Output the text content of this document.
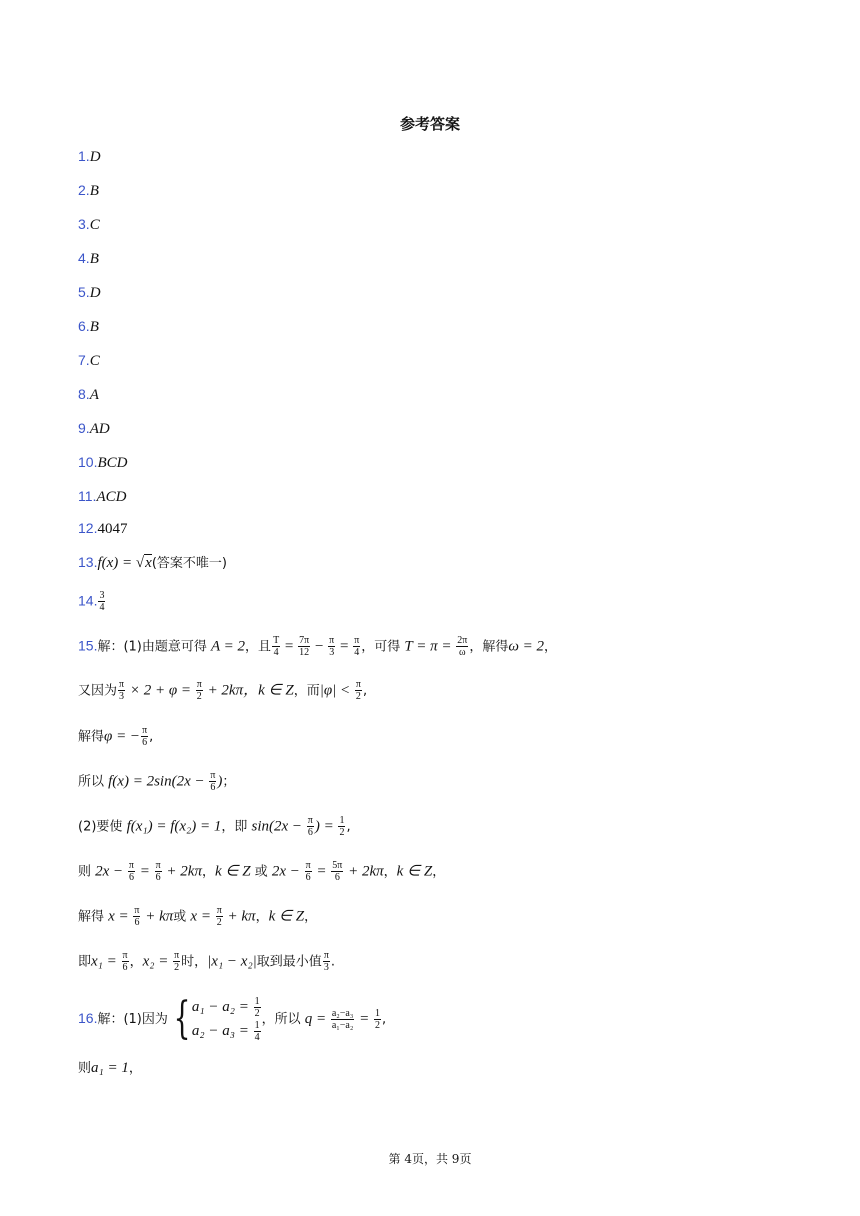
参考答案
1.D
2.B
3.C
4.B
5.D
6.B
7.C
8.A
9.AD
10.BCD
11.ACD
12.4047
13.f(x) = √x(答案不唯一)
14. $\frac{3}{4}$
15.解：(1)由题意可得 A = 2，且 $\frac{T}{4} = \frac{7\pi}{12} - \frac{\pi}{3} = \frac{\pi}{4}$ ，可得 $T = \pi = \frac{2\pi}{\omega}$ ，解得ω = 2，
又因为 $\frac{\pi}{3} \times 2 + \varphi = \frac{\pi}{2} + 2k\pi$，k ∈ Z，而$|\varphi| < \frac{\pi}{2}$ ,
解得φ = − $\frac{\pi}{6}$ ,
所以 $f(x) = 2\sin(2x - \frac{\pi}{6}$ )；
(2)要使 f(x₁) = f(x₂) = 1，即 $\sin(2x - \frac{\pi}{6}$ ) = $\frac{1}{2}$ ,
则 $2x - \frac{\pi}{6} = \frac{\pi}{6} + 2k\pi$，k ∈ Z 或 $2x - \frac{\pi}{6} = \frac{5\pi}{6} + 2k\pi$，k ∈ Z，
解得 $x = \frac{\pi}{6} + k\pi$或 $x = \frac{\pi}{2} + k\pi$，k ∈ Z，
即$x_1 = \frac{\pi}{6}$ ，$x_2 = \frac{\pi}{2}$ 时，|x₁ − x₂|取到最小值 $\frac{\pi}{3}$ .
16.解：(1)因为 { $a_1 - a_2 = \frac{1}{2}$
$a_2 - a_3 = \frac{1}{4}$ ，所以 $q = \frac{\text{a₂−a₃}}{\text{a₁−a₂}} = \frac{1}{2}$ ,
则a₁ = 1，
第 4页，共 9页
